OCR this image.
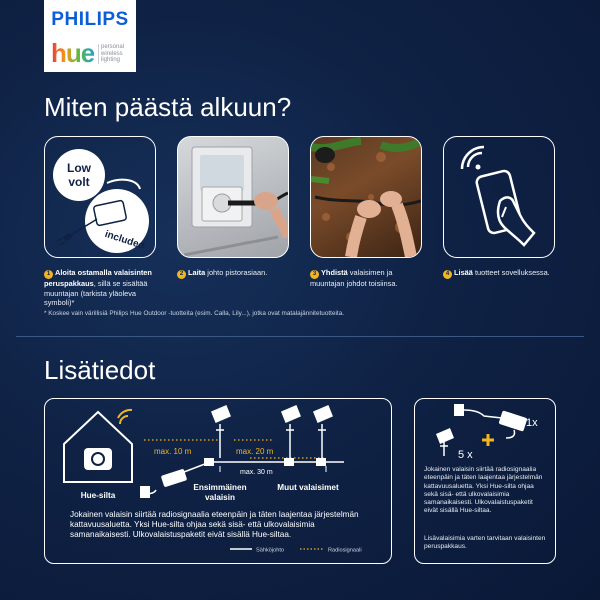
PHILIPS
hue personal
wireless
lighting
Miten päästä alkuun?
Low
volt
included
1 Aloita ostamalla valaisinten peruspakkaus, sillä se sisältää muuntajan (tarkista yläoleva symboli)*
2 Laita johto pistorasiaan.	3 Yhdistä valaisimen ja muuntajan johdot toisiinsa.
4 Lisää tuotteet sovelluksessa.
* Koskee vain värillisiä Philips Hue Outdoor -tuotteita (esim. Calla, Lily...), jotka ovat matalajännitetuotteita.
Lisätiedot
max. 10 m	max. 20 m
max. 30 m
Hue-silta
Ensimmäinen
valaisin
Muut valaisimet
Jokainen valaisin siirtää radiosignaalia eteenpäin ja täten laajentaa järjestelmän kattavuusaluetta. Yksi Hue-silta ohjaa sekä sisä- että ulkovalaisimia samanaikaisesti. Ulkovalaistuspaketit eivät sisällä Hue-siltaa.
Sähköjohto	Radiosignaali
1x
5 x
Jokainen valaisin siirtää radiosignaalia eteenpäin ja täten laajentaa järjestelmän kattavuusaluetta. Yksi Hue-silta ohjaa sekä sisä- että ulkovalaisimia samanaikaisesti. Ulkovalaistuspaketit eivät sisällä Hue-siltaa.
Lisävalaisimia varten tarvitaan valaisinten peruspakkaus.
